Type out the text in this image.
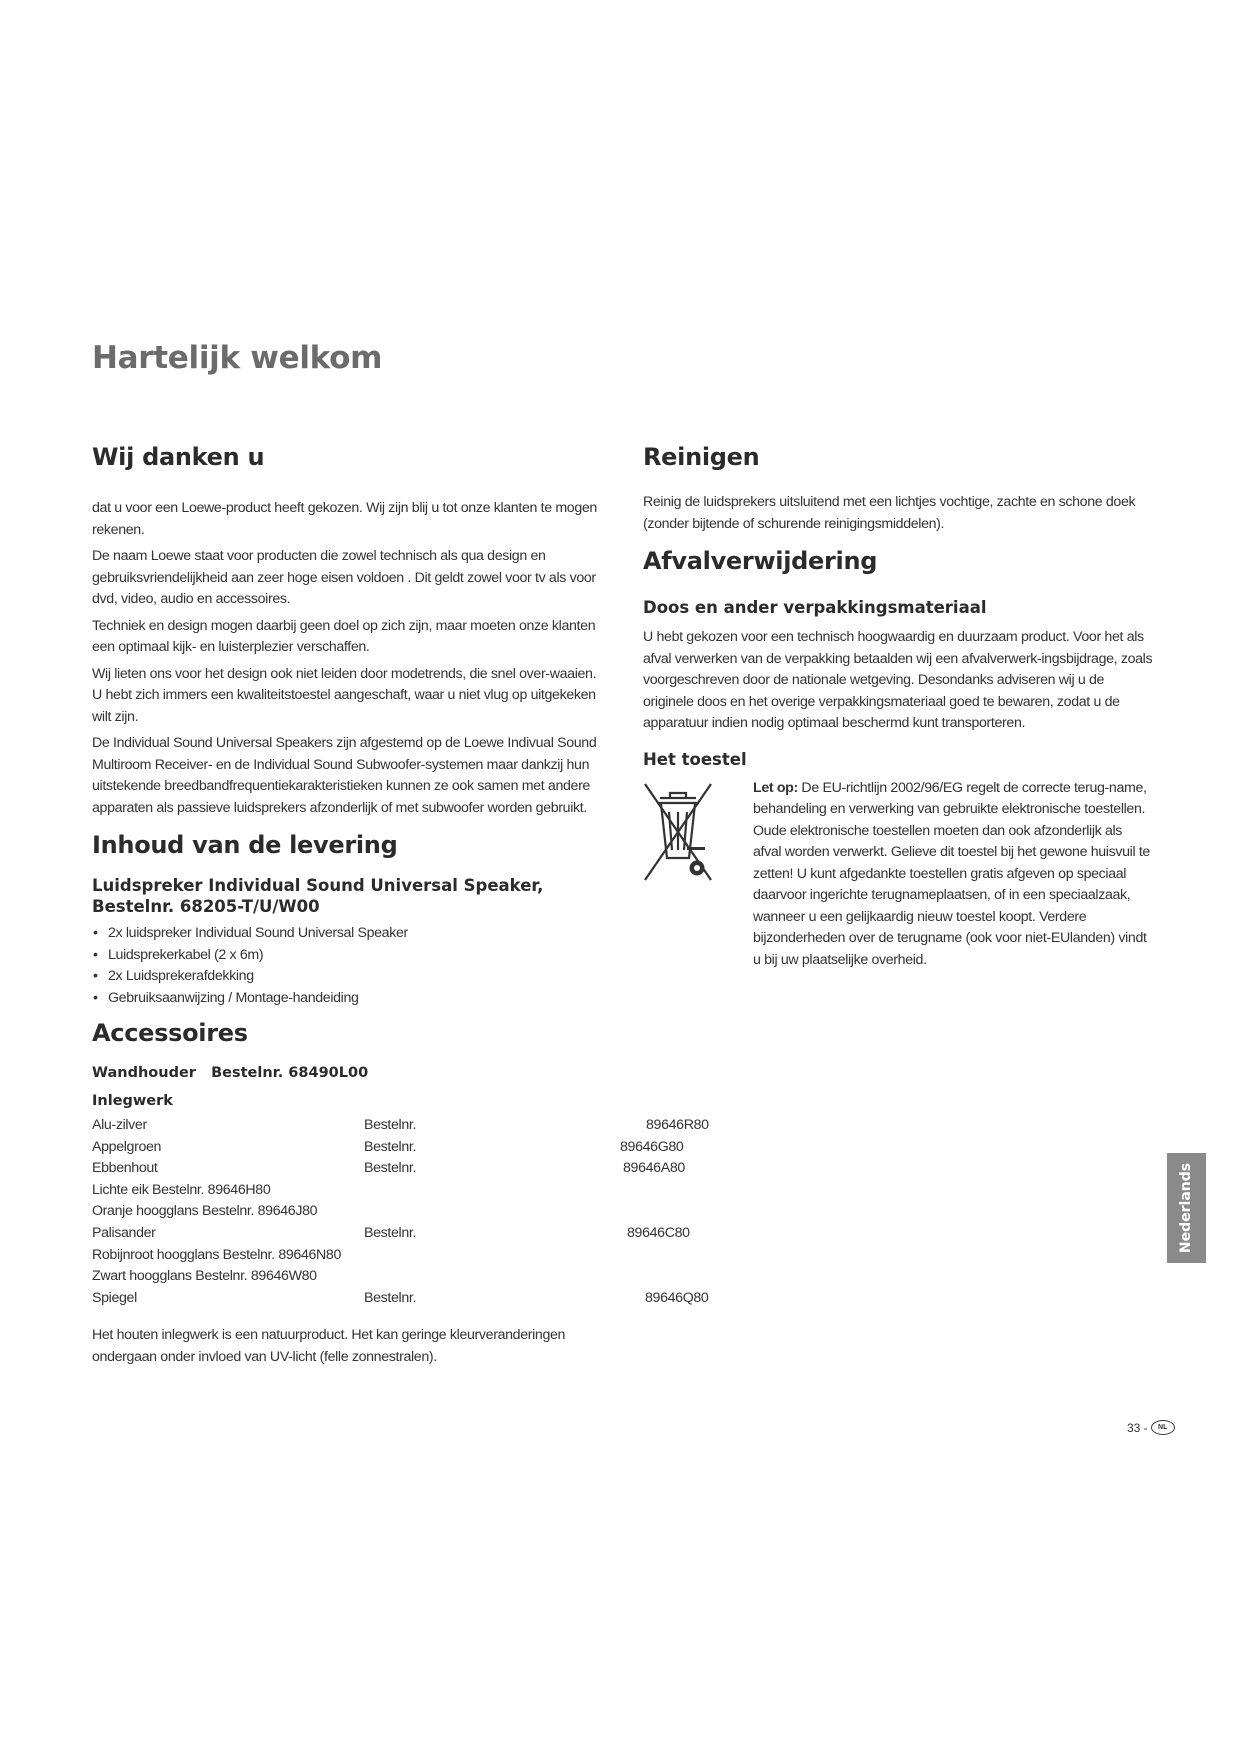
Hartelijk welkom
Wij danken u

dat u voor een Loewe-product heeft gekozen. Wij zijn blij u tot onze klanten te mogen rekenen.

De naam Loewe staat voor producten die zowel technisch als qua design en gebruiksvriendelijkheid aan zeer hoge eisen voldoen . Dit geldt zowel voor tv als voor dvd, video, audio en accessoires.

Techniek en design mogen daarbij geen doel op zich zijn, maar moeten onze klanten een optimaal kijk- en luisterplezier verschaffen.

Wij lieten ons voor het design ook niet leiden door modetrends, die snel over-waaien. U hebt zich immers een kwaliteitstoestel aangeschaft, waar u niet vlug op uitgekeken wilt zijn.

De Individual Sound Universal Speakers zijn afgestemd op de Loewe Indivual Sound Multiroom Receiver- en de Individual Sound Subwoofer-systemen maar dankzij hun uitstekende breedbandfrequentiekarakteristieken kunnen ze ook samen met andere apparaten als passieve luidsprekers afzonderlijk of met subwoofer worden gebruikt.

Inhoud van de levering
Luidspreker Individual Sound Universal Speaker,
Bestelnr. 68205-T/U/W00
• 2x luidspreker Individual Sound Universal Speaker
• Luidsprekerkabel (2 x 6m)
• 2x Luidsprekerafdekking
• Gebruiksaanwijzing / Montage-handeiding
Accessoires
Wandhouder   Bestelnr. 68490L00
Inlegwerk
Alu-zilver	Bestelnr.	89646R80
Appelgroen	Bestelnr.	89646G80
Ebbenhout	Bestelnr.	89646A80
Lichte eik Bestelnr. 89646H80
Oranje hoogglans Bestelnr. 89646J80
Palisander	Bestelnr.	89646C80
Robijnroot hoogglans Bestelnr. 89646N80
Zwart hoogglans Bestelnr. 89646W80
Spiegel	Bestelnr.	89646Q80

Het houten inlegwerk is een natuurproduct. Het kan geringe kleurveranderingen ondergaan onder invloed van UV-licht (felle zonnestralen).

Reinigen

Reinig de luidsprekers uitsluitend met een lichtjes vochtige, zachte en schone doek (zonder bijtende of schurende reinigingsmiddelen).

Afvalverwijdering
Doos en ander verpakkingsmateriaal

U hebt gekozen voor een technisch hoogwaardig en duurzaam product. Voor het als afval verwerken van de verpakking betaalden wij een afvalverwerk-ingsbijdrage, zoals voorgeschreven door de nationale wetgeving. Desondanks adviseren wij u de originele doos en het overige verpakkingsmateriaal goed te bewaren, zodat u de apparatuur indien nodig optimaal beschermd kunt transporteren.

Het toestel

Let op: De EU-richtlijn 2002/96/EG regelt de correcte terug-name, behandeling en verwerking van gebruikte elektronische toestellen.

Oude elektronische toestellen moeten dan ook afzonderlijk als afval worden verwerkt. Gelieve dit toestel bij het gewone huisvuil te zetten! U kunt afgedankte toestellen gratis afgeven op speciaal daarvoor ingerichte terugnameplaatsen, of in een speciaalzaak, wanneer u een gelijkaardig nieuw toestel koopt. Verdere bijzonderheden over de terugname (ook voor niet-EUlanden) vindt u bij uw plaatselijke overheid.

Nederlands
33 -	NL
